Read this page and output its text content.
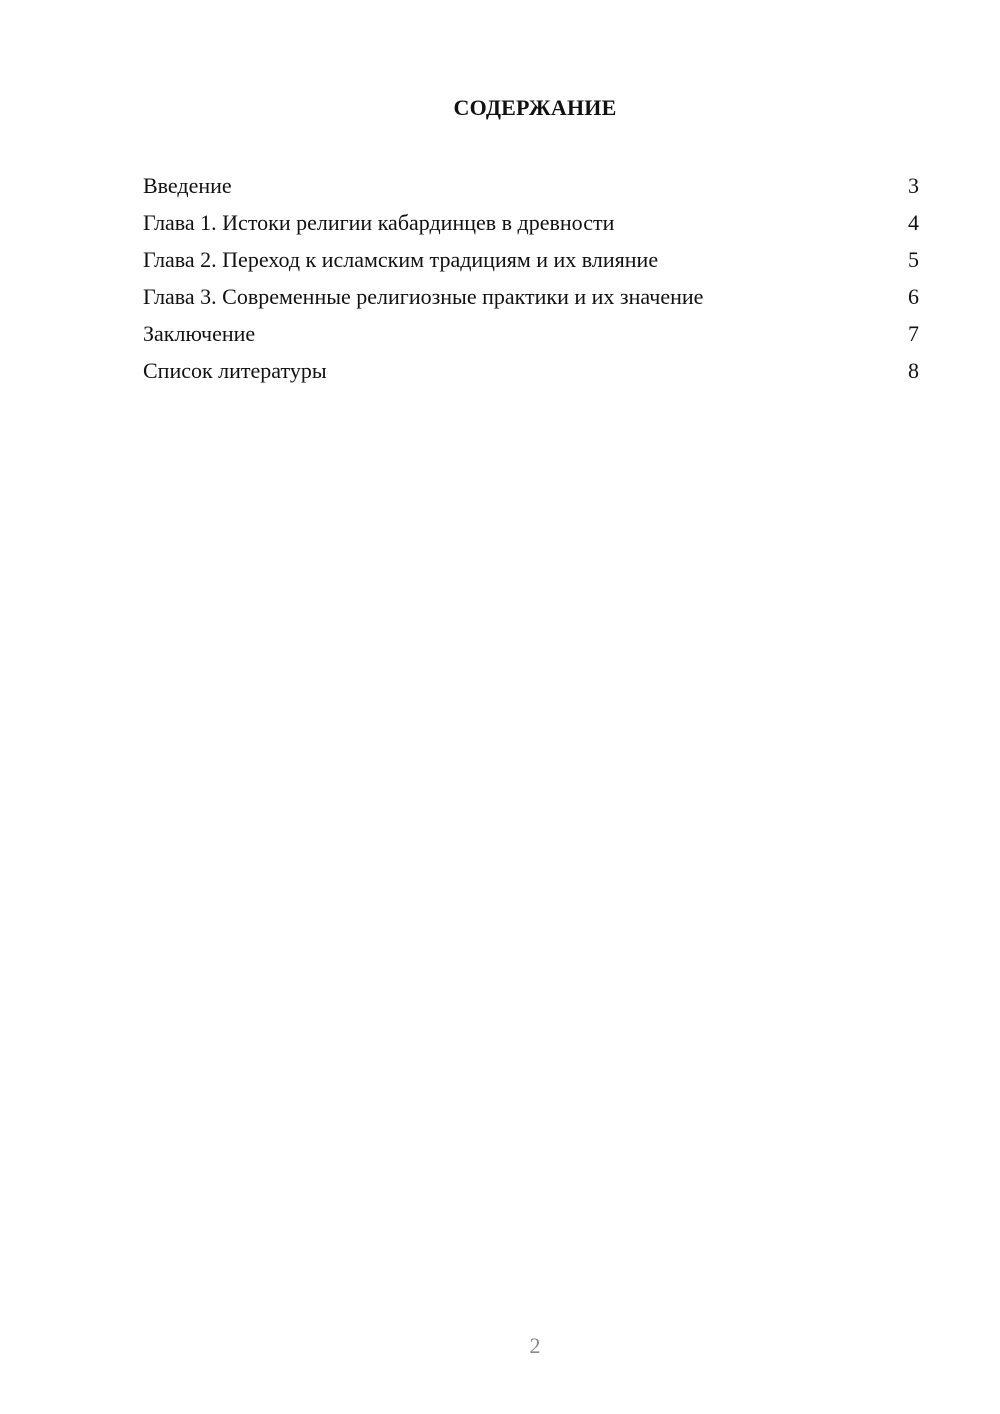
СОДЕРЖАНИЕ
Введение	3
Глава 1. Истоки религии кабардинцев в древности	4
Глава 2. Переход к исламским традициям и их влияние	5
Глава 3. Современные религиозные практики и их значение	6
Заключение	7
Список литературы	8
2
